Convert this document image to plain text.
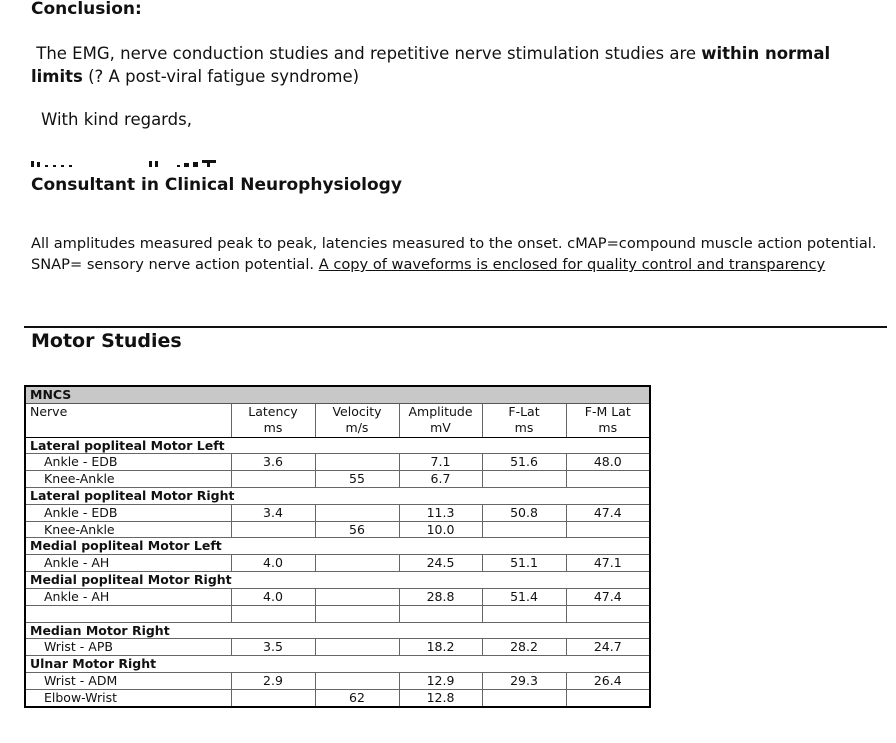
Conclusion:
The EMG, nerve conduction studies and repetitive nerve stimulation studies are within normal limits (? A post-viral fatigue syndrome)
With kind regards,
Consultant in Clinical Neurophysiology
All amplitudes measured peak to peak, latencies measured to the onset. cMAP=compound muscle action potential. SNAP= sensory nerve action potential. A copy of waveforms is enclosed for quality control and transparency
Motor Studies
MNCS					
Nerve	Latency	Velocity	Amplitude	F-Lat	F-M Lat
	ms	m/s	mV	ms	ms
Lateral popliteal Motor Left					
Ankle - EDB	3.6		7.1	51.6	48.0
Knee-Ankle		55	6.7		
Lateral popliteal Motor Right					
Ankle - EDB	3.4		11.3	50.8	47.4
Knee-Ankle		56	10.0		
Medial popliteal Motor Left					
Ankle - AH	4.0		24.5	51.1	47.1
Medial popliteal Motor Right					
Ankle - AH	4.0		28.8	51.4	47.4

Median Motor Right					
Wrist - APB	3.5		18.2	28.2	24.7
Ulnar Motor Right					
Wrist - ADM	2.9		12.9	29.3	26.4
Elbow-Wrist		62	12.8		
